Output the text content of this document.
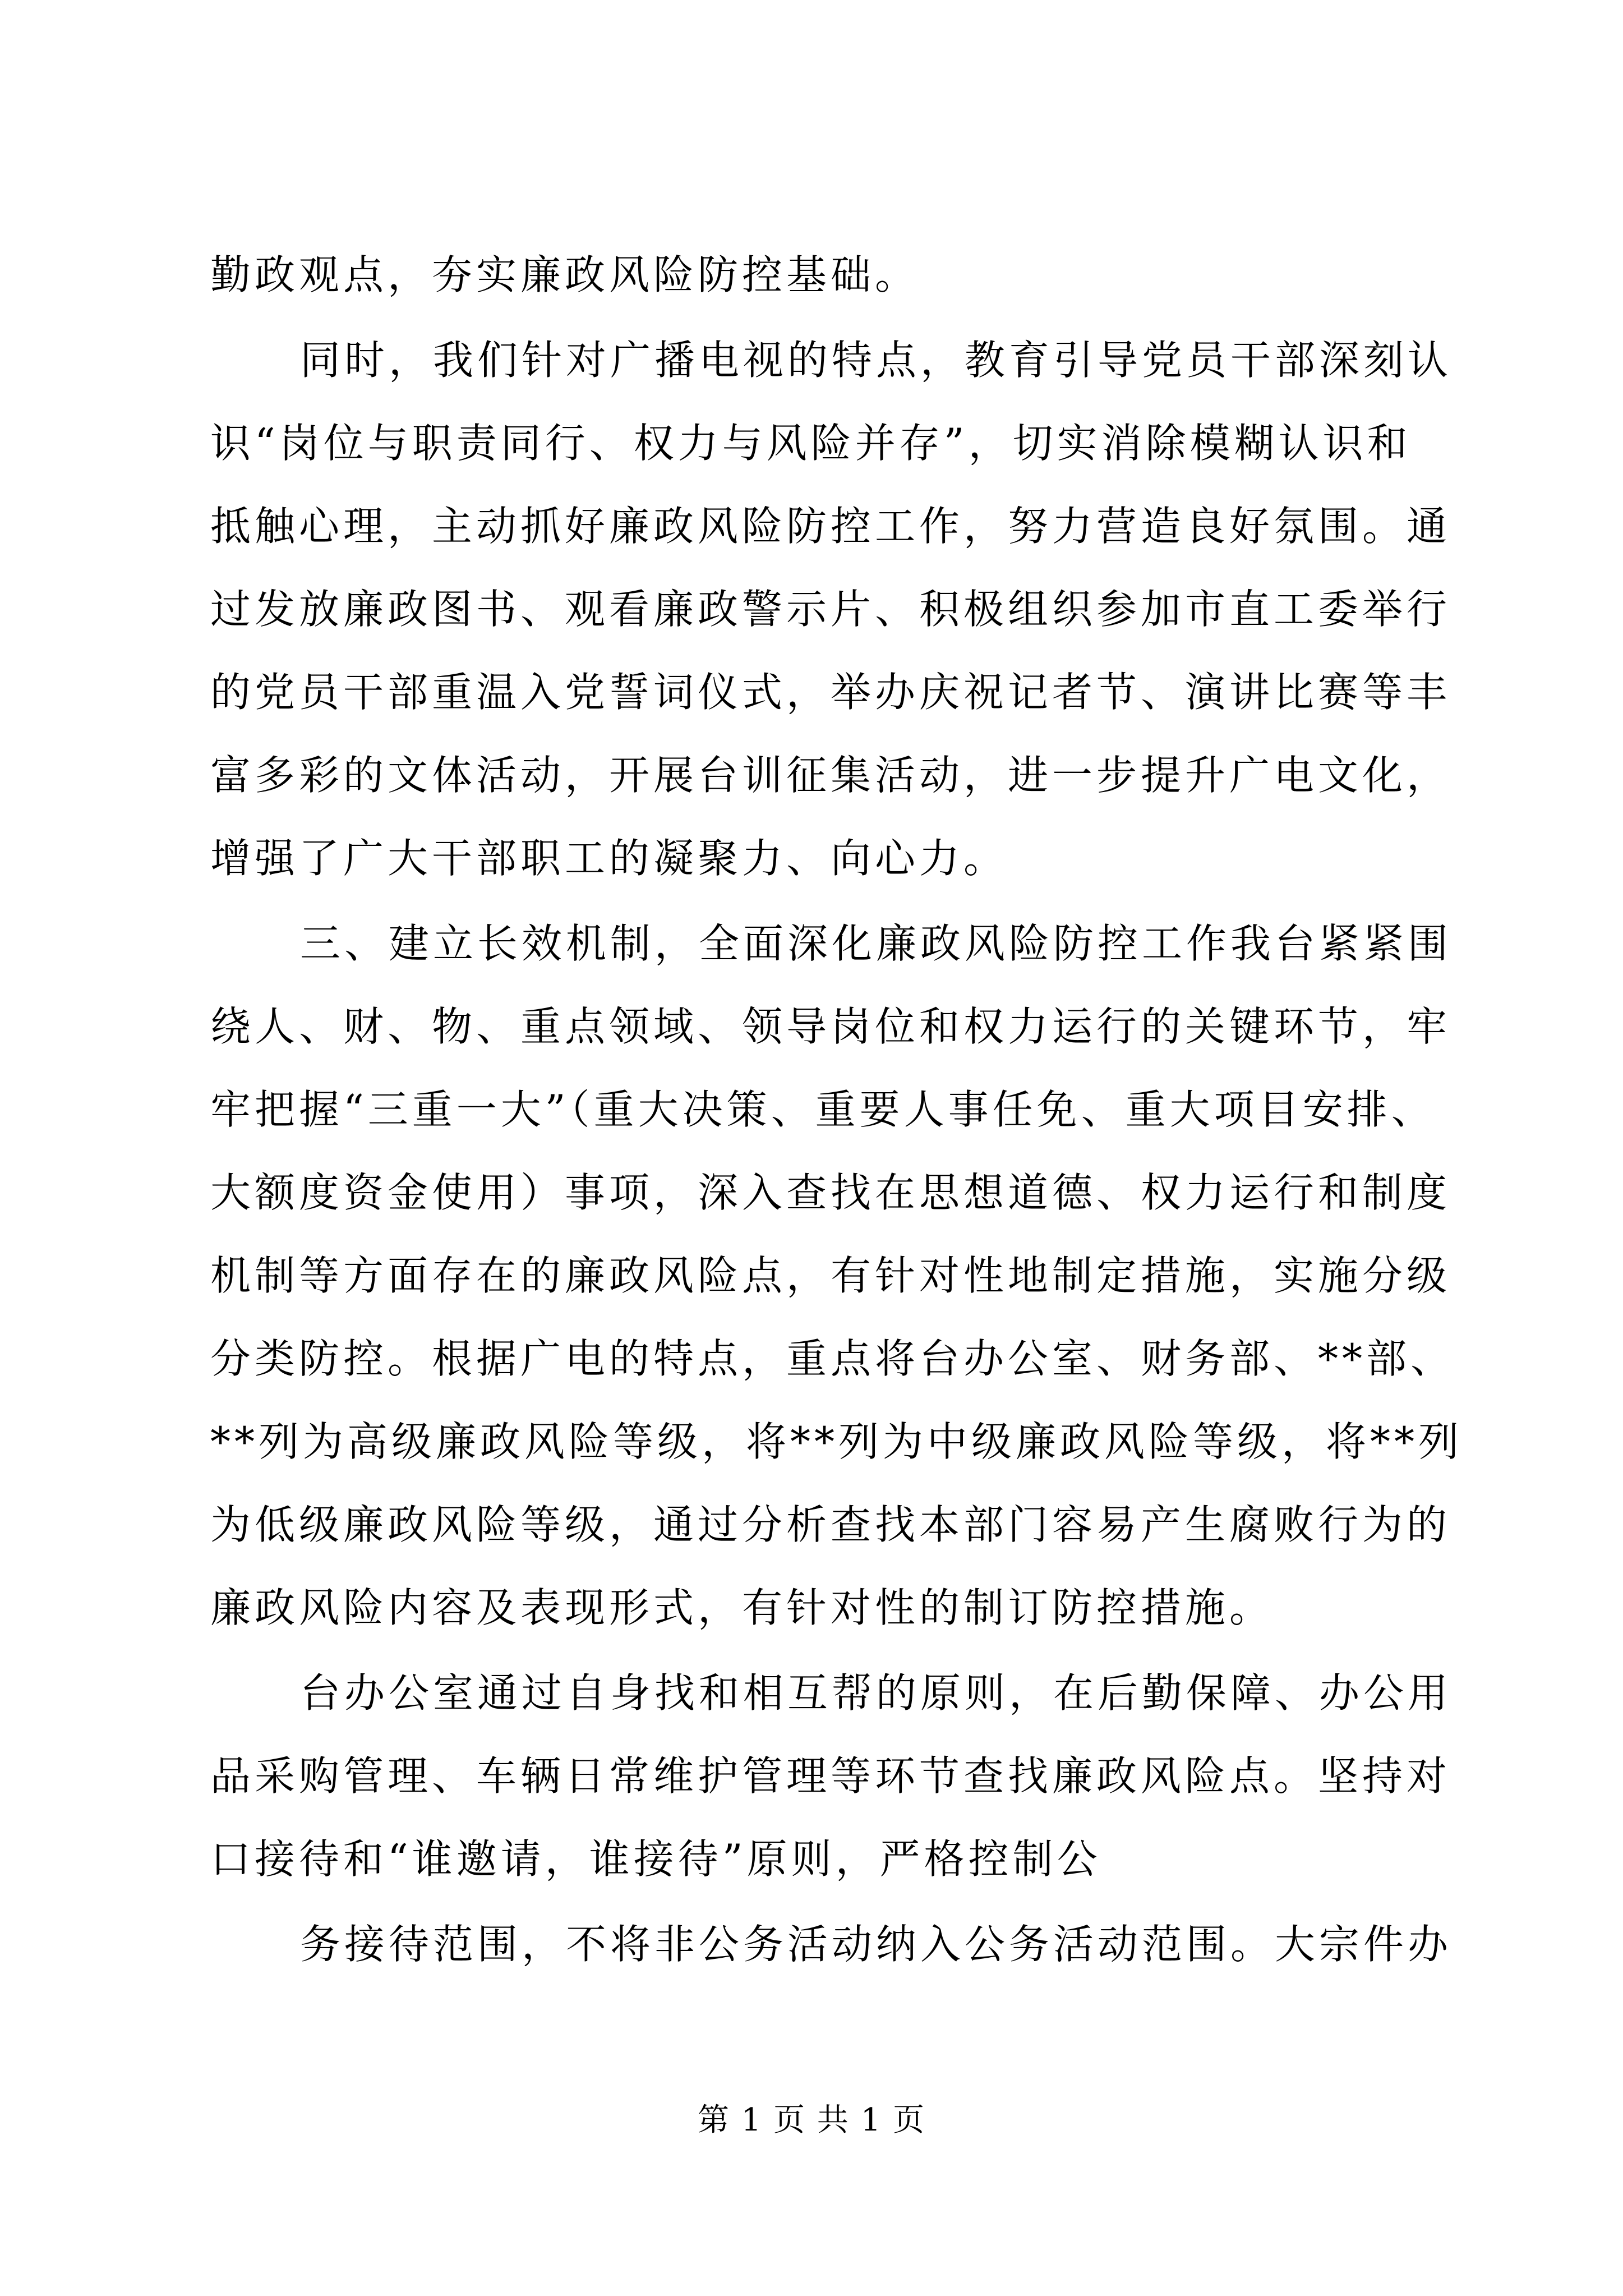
勤政观点，夯实廉政风险防控基础。
同时，我们针对广播电视的特点，教育引导党员干部深刻认
识“岗位与职责同行、权力与风险并存”，切实消除模糊认识和
抵触心理，主动抓好廉政风险防控工作，努力营造良好氛围。通
过发放廉政图书、观看廉政警示片、积极组织参加市直工委举行
的党员干部重温入党誓词仪式，举办庆祝记者节、演讲比赛等丰
富多彩的文体活动，开展台训征集活动，进一步提升广电文化，
增强了广大干部职工的凝聚力、向心力。
三、建立长效机制，全面深化廉政风险防控工作我台紧紧围
绕人、财、物、重点领域、领导岗位和权力运行的关键环节，牢
牢把握“三重一大”（重大决策、重要人事任免、重大项目安排、
大额度资金使用）事项，深入查找在思想道德、权力运行和制度
机制等方面存在的廉政风险点，有针对性地制定措施，实施分级
分类防控。根据广电的特点，重点将台办公室、财务部、**部、
**列为高级廉政风险等级，将**列为中级廉政风险等级，将**列
为低级廉政风险等级，通过分析查找本部门容易产生腐败行为的
廉政风险内容及表现形式，有针对性的制订防控措施。
台办公室通过自身找和相互帮的原则，在后勤保障、办公用
品采购管理、车辆日常维护管理等环节查找廉政风险点。坚持对
口接待和“谁邀请，谁接待”原则，严格控制公
务接待范围，不将非公务活动纳入公务活动范围。大宗件办
第 1 页 共 1 页
